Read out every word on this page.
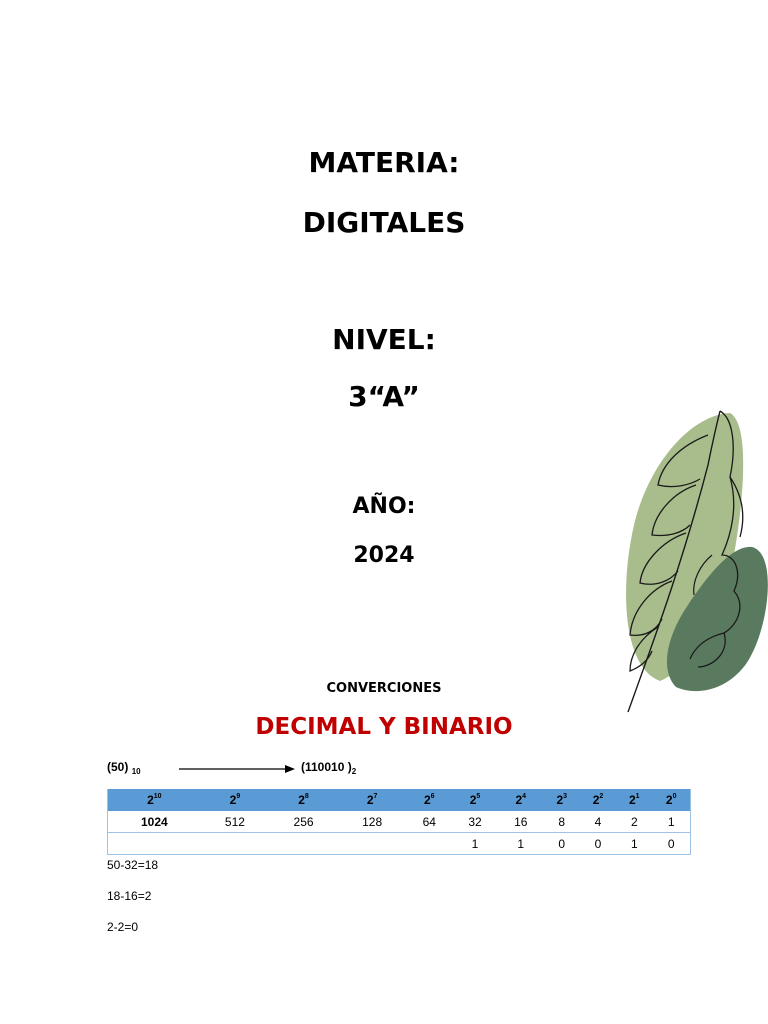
MATERIA:
DIGITALES
NIVEL:
3“A”
AÑO:
2024
CONVERCIONES
DECIMAL Y BINARIO
(50) $_{10}$	(110010 )$_2$
$2^{10}$	$2^9$	$2^8$	$2^7$	$2^6$	$2^5$	$2^4$	$2^3$	$2^2$	$2^1$	$2^0$
1024	512	256	128	64	32	16	8	4	2	1
					1	1	0	0	1	0
50-32=18
18-16=2
2-2=0
